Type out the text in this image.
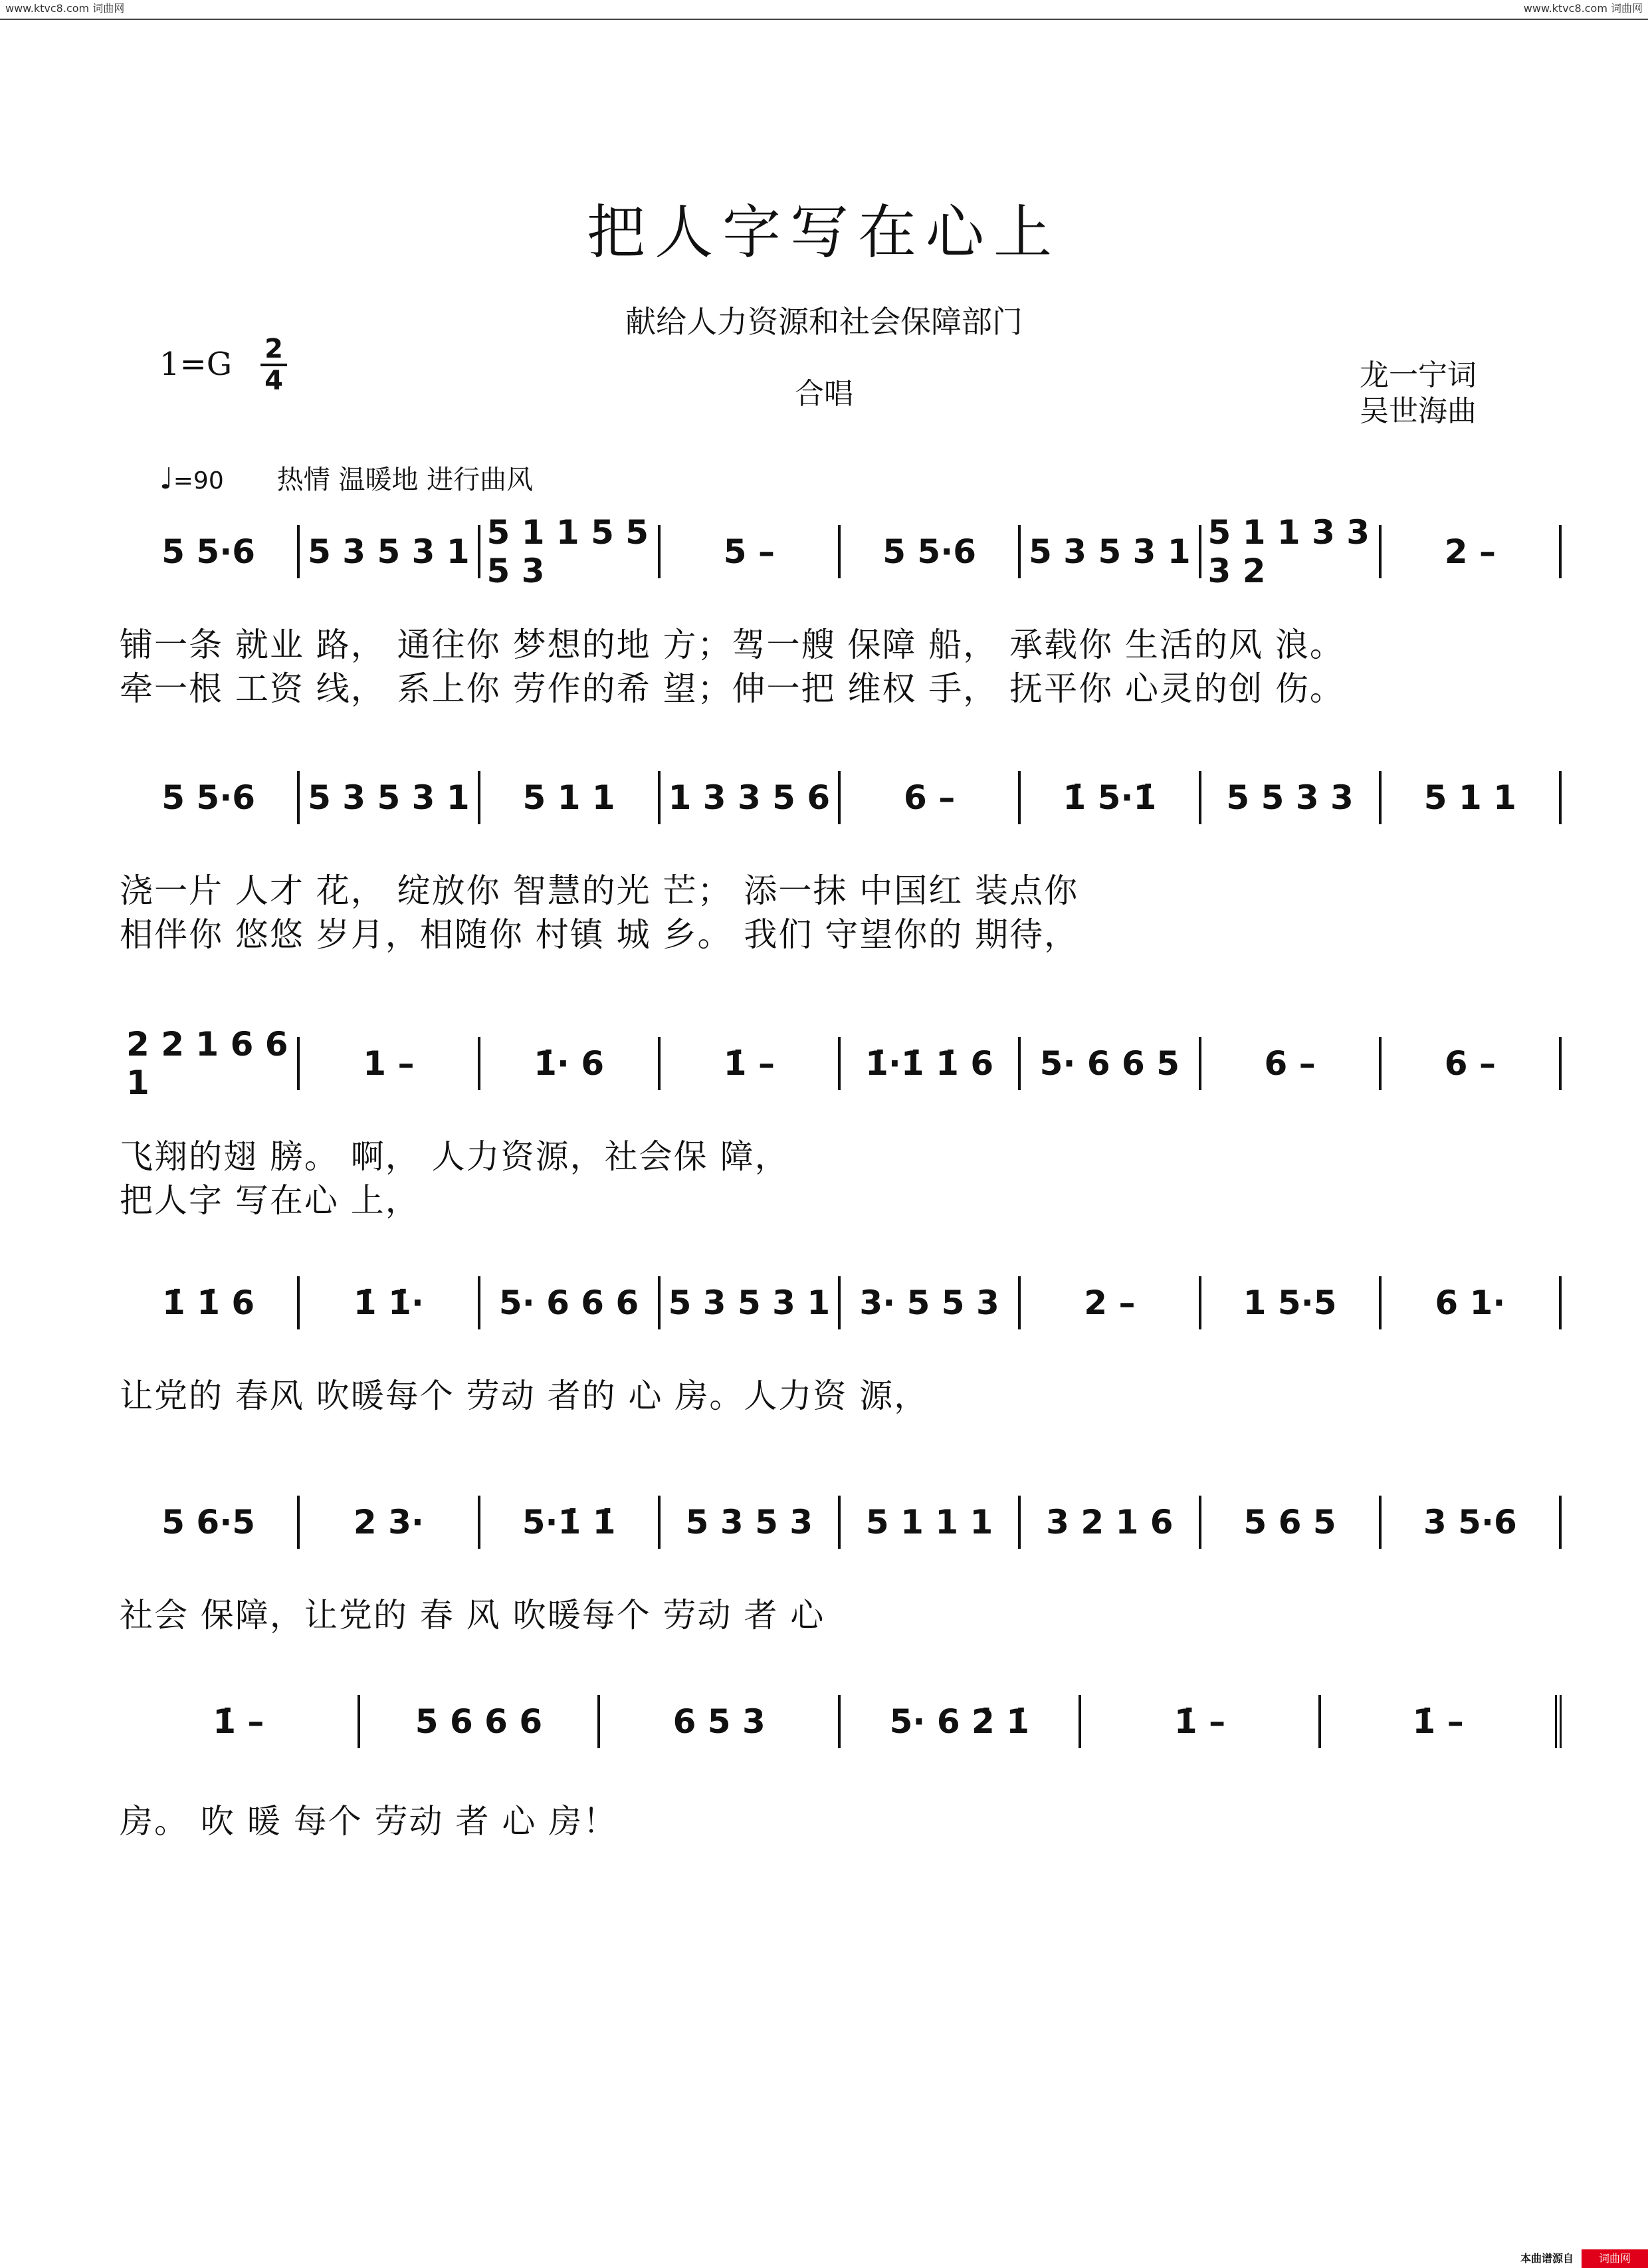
www.ktvc8.com 词曲网	www.ktvc8.com 词曲网
把人字写在心上
献给人力资源和社会保障部门
1=G 2
4	合唱
龙一宁词
吴世海曲
♩=90 热情 温暖地 进行曲风
5 5·6	5 3 5 3 1 5 1 1 5 5 5 3	5 –	5 5·6	5 3 5 3 1 5 1 1 3 3 3 2	2 –
铺一条 就业 路， 通往你 梦想的地 方；驾一艘 保障 船， 承载你 生活的风 浪。
牵一根 工资 线， 系上你 劳作的希 望；伸一把 维权 手， 抚平你 心灵的创 伤。
5 5·6	5 3 5 3 1	5 1 1	1 3 3 5 6	6 –	1̇ 5·1̇	5 5 3 3	5 1 1
浇一片 人才 花， 绽放你 智慧的光 芒； 添一抹 中国红 装点你
相伴你 悠悠 岁月，相随你 村镇 城 乡。 我们 守望你的 期待，
2 2 1 6 6 1	1 –	1̇· 6	1̇ –	1̇·1̇ 1̇ 6	5· 6 6 5	6 –	6 –
飞翔的翅 膀。 啊， 人力资源，社会保 障，
把人字 写在心 上，
1̇ 1̇ 6	1̇ 1̇·	5· 6 6 6 5 3 5 3 1 3· 5 5 3	2 –	1 5·5	6 1·
让党的 春风 吹暖每个 劳动 者的 心 房。人力资 源，
5 6·5	2 3·	5·1̇ 1̇	5 3 5 3	5 1 1 1	3 2 1 6	5 6 5	3 5·6
社会 保障，让党的 春 风 吹暖每个 劳动 者 心
1̇ –	5 6 6 6	6 5 3	5· 6 2̇ 1̇	1̇ –	1̇ –
房。 吹 暖 每个 劳动 者 心 房！
本曲谱源自	词曲网
